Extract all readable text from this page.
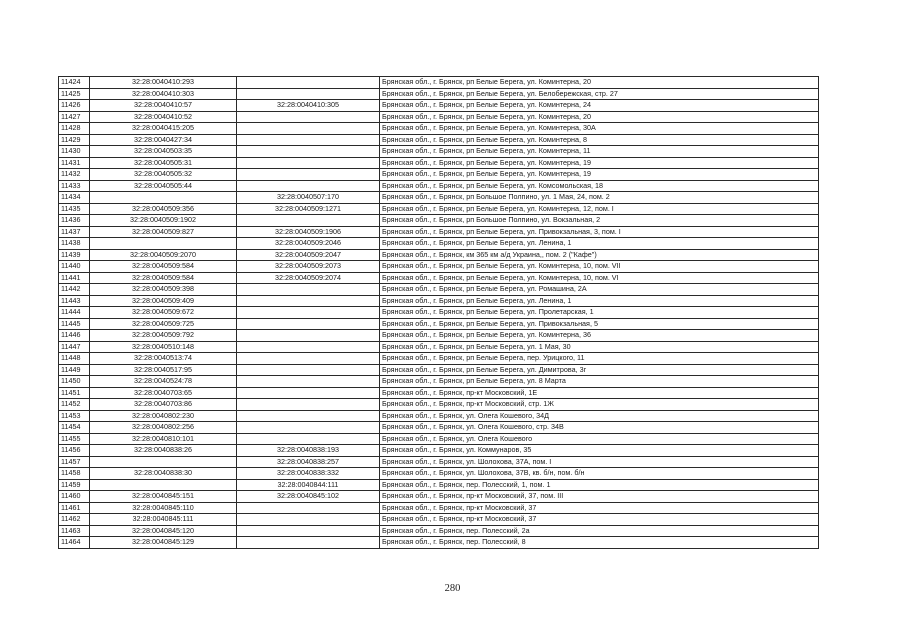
11424	32:28:0040410:293		Брянская обл., г. Брянск, рп Белые Берега, ул. Коминтерна, 20
11425	32:28:0040410:303		Брянская обл., г. Брянск, рп Белые Берега, ул. Белобережская, стр. 27
11426	32:28:0040410:57	32:28:0040410:305	Брянская обл., г. Брянск, рп Белые Берега, ул. Коминтерна, 24
11427	32:28:0040410:52		Брянская обл., г. Брянск, рп Белые Берега, ул. Коминтерна, 20
11428	32:28:0040415:205		Брянская обл., г. Брянск, рп Белые Берега, ул. Коминтерна, 30А
11429	32:28:0040427:34		Брянская обл., г. Брянск, рп Белые Берега, ул. Коминтерна, 8
11430	32:28:0040503:35		Брянская обл., г. Брянск, рп Белые Берега, ул. Коминтерна, 11
11431	32:28:0040505:31		Брянская обл., г. Брянск, рп Белые Берега, ул. Коминтерна, 19
11432	32:28:0040505:32		Брянская обл., г. Брянск, рп Белые Берега, ул. Коминтерна, 19
11433	32:28:0040505:44		Брянская обл., г. Брянск, рп Белые Берега, ул. Комсомольская, 18
11434		32:28:0040507:170	Брянская обл., г. Брянск, рп Большое Полпино, ул. 1 Мая, 24, пом. 2
11435	32:28:0040509:356	32:28:0040509:1271	Брянская обл., г. Брянск, рп Белые Берега, ул. Коминтерна, 12, пом. I
11436	32:28:0040509:1902		Брянская обл., г. Брянск, рп Большое Полпино, ул. Вокзальная, 2
11437	32:28:0040509:827	32:28:0040509:1906	Брянская обл., г. Брянск, рп Белые Берега, ул. Привокзальная, 3, пом. I
11438		32:28:0040509:2046	Брянская обл., г. Брянск, рп Белые Берега, ул. Ленина, 1
11439	32:28:0040509:2070	32:28:0040509:2047	Брянская обл., г. Брянск, км 365 км а/д Украина,, пом. 2 ("Кафе")
11440	32:28:0040509:584	32:28:0040509:2073	Брянская обл., г. Брянск, рп Белые Берега, ул. Коминтерна, 10, пом. VII
11441	32:28:0040509:584	32:28:0040509:2074	Брянская обл., г. Брянск, рп Белые Берега, ул. Коминтерна, 10, пом. VI
11442	32:28:0040509:398		Брянская обл., г. Брянск, рп Белые Берега, ул. Ромашина, 2А
11443	32:28:0040509:409		Брянская обл., г. Брянск, рп Белые Берега, ул. Ленина, 1
11444	32:28:0040509:672		Брянская обл., г. Брянск, рп Белые Берега, ул. Пролетарская, 1
11445	32:28:0040509:725		Брянская обл., г. Брянск, рп Белые Берега, ул. Привокзальная, 5
11446	32:28:0040509:792		Брянская обл., г. Брянск, рп Белые Берега, ул. Коминтерна, 36
11447	32:28:0040510:148		Брянская обл., г. Брянск, рп Белые Берега, ул. 1 Мая, 30
11448	32:28:0040513:74		Брянская обл., г. Брянск, рп Белые Берега, пер. Урицкого, 11
11449	32:28:0040517:95		Брянская обл., г. Брянск, рп Белые Берега, ул. Димитрова, 3г
11450	32:28:0040524:78		Брянская обл., г. Брянск, рп Белые Берега, ул. 8 Марта
11451	32:28:0040703:65		Брянская обл., г. Брянск, пр-кт Московский, 1Е
11452	32:28:0040703:86		Брянская обл., г. Брянск, пр-кт Московский, стр. 1Ж
11453	32:28:0040802:230		Брянская обл., г. Брянск, ул. Олега Кошевого, 34Д
11454	32:28:0040802:256		Брянская обл., г. Брянск, ул. Олега Кошевого, стр. 34В
11455	32:28:0040810:101		Брянская обл., г. Брянск, ул. Олега Кошевого
11456	32:28:0040838:26	32:28:0040838:193	Брянская обл., г. Брянск, ул. Коммунаров, 35
11457		32:28:0040838:257	Брянская обл., г. Брянск, ул. Шолохова, 37А, пом. I
11458	32:28:0040838:30	32:28:0040838:332	Брянская обл., г. Брянск, ул. Шолохова, 37В, кв. б/н, пом. б/н
11459		32:28:0040844:111	Брянская обл., г. Брянск, пер. Полесский, 1, пом. 1
11460	32:28:0040845:151	32:28:0040845:102	Брянская обл., г. Брянск, пр-кт Московский, 37, пом. III
11461	32:28:0040845:110		Брянская обл., г. Брянск, пр-кт Московский, 37
11462	32:28:0040845:111		Брянская обл., г. Брянск, пр-кт Московский, 37
11463	32:28:0040845:120		Брянская обл., г. Брянск, пер. Полесский, 2а
11464	32:28:0040845:129		Брянская обл., г. Брянск, пер. Полесский, 8
280
